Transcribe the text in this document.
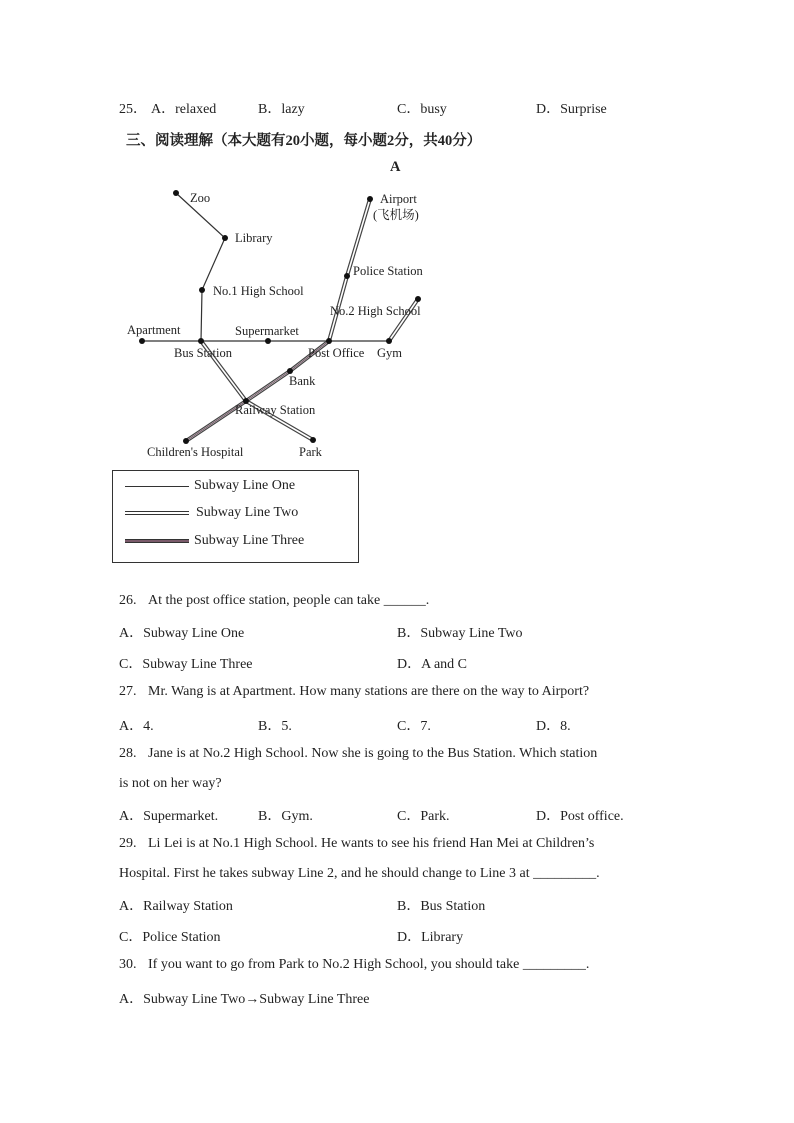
25． A．relaxed	B．lazy	C．busy	D．Surprise
三、阅读理解（本大题有20小题，每小题2分，共40分）
A
Zoo
Library
No.1 High School
Apartment
Bus Station
Supermarket
Post Office Gym
Airport
(飞机场)
Police Station
No.2 High School
Bank
Railway Station
Children's Hospital	Park
Subway Line One
Subway Line Two
Subway Line Three
26. At the post office station, people can take ______.
A．Subway Line One	B．Subway Line Two
C．Subway Line Three	D．A and C
27. Mr. Wang is at Apartment. How many stations are there on the way to Airport?
A．4.	B．5.	C．7.	D．8.
28. Jane is at No.2 High School. Now she is going to the Bus Station. Which station
is not on her way?
A．Supermarket.	B．Gym.	C．Park.	D．Post office.
29. Li Lei is at No.1 High School. He wants to see his friend Han Mei at Children’s
Hospital. First he takes subway Line 2, and he should change to Line 3 at _________.
A．Railway Station	B．Bus Station
C．Police Station	D．Library
30. If you want to go from Park to No.2 High School, you should take _________.
A．Subway Line Two→Subway Line Three
